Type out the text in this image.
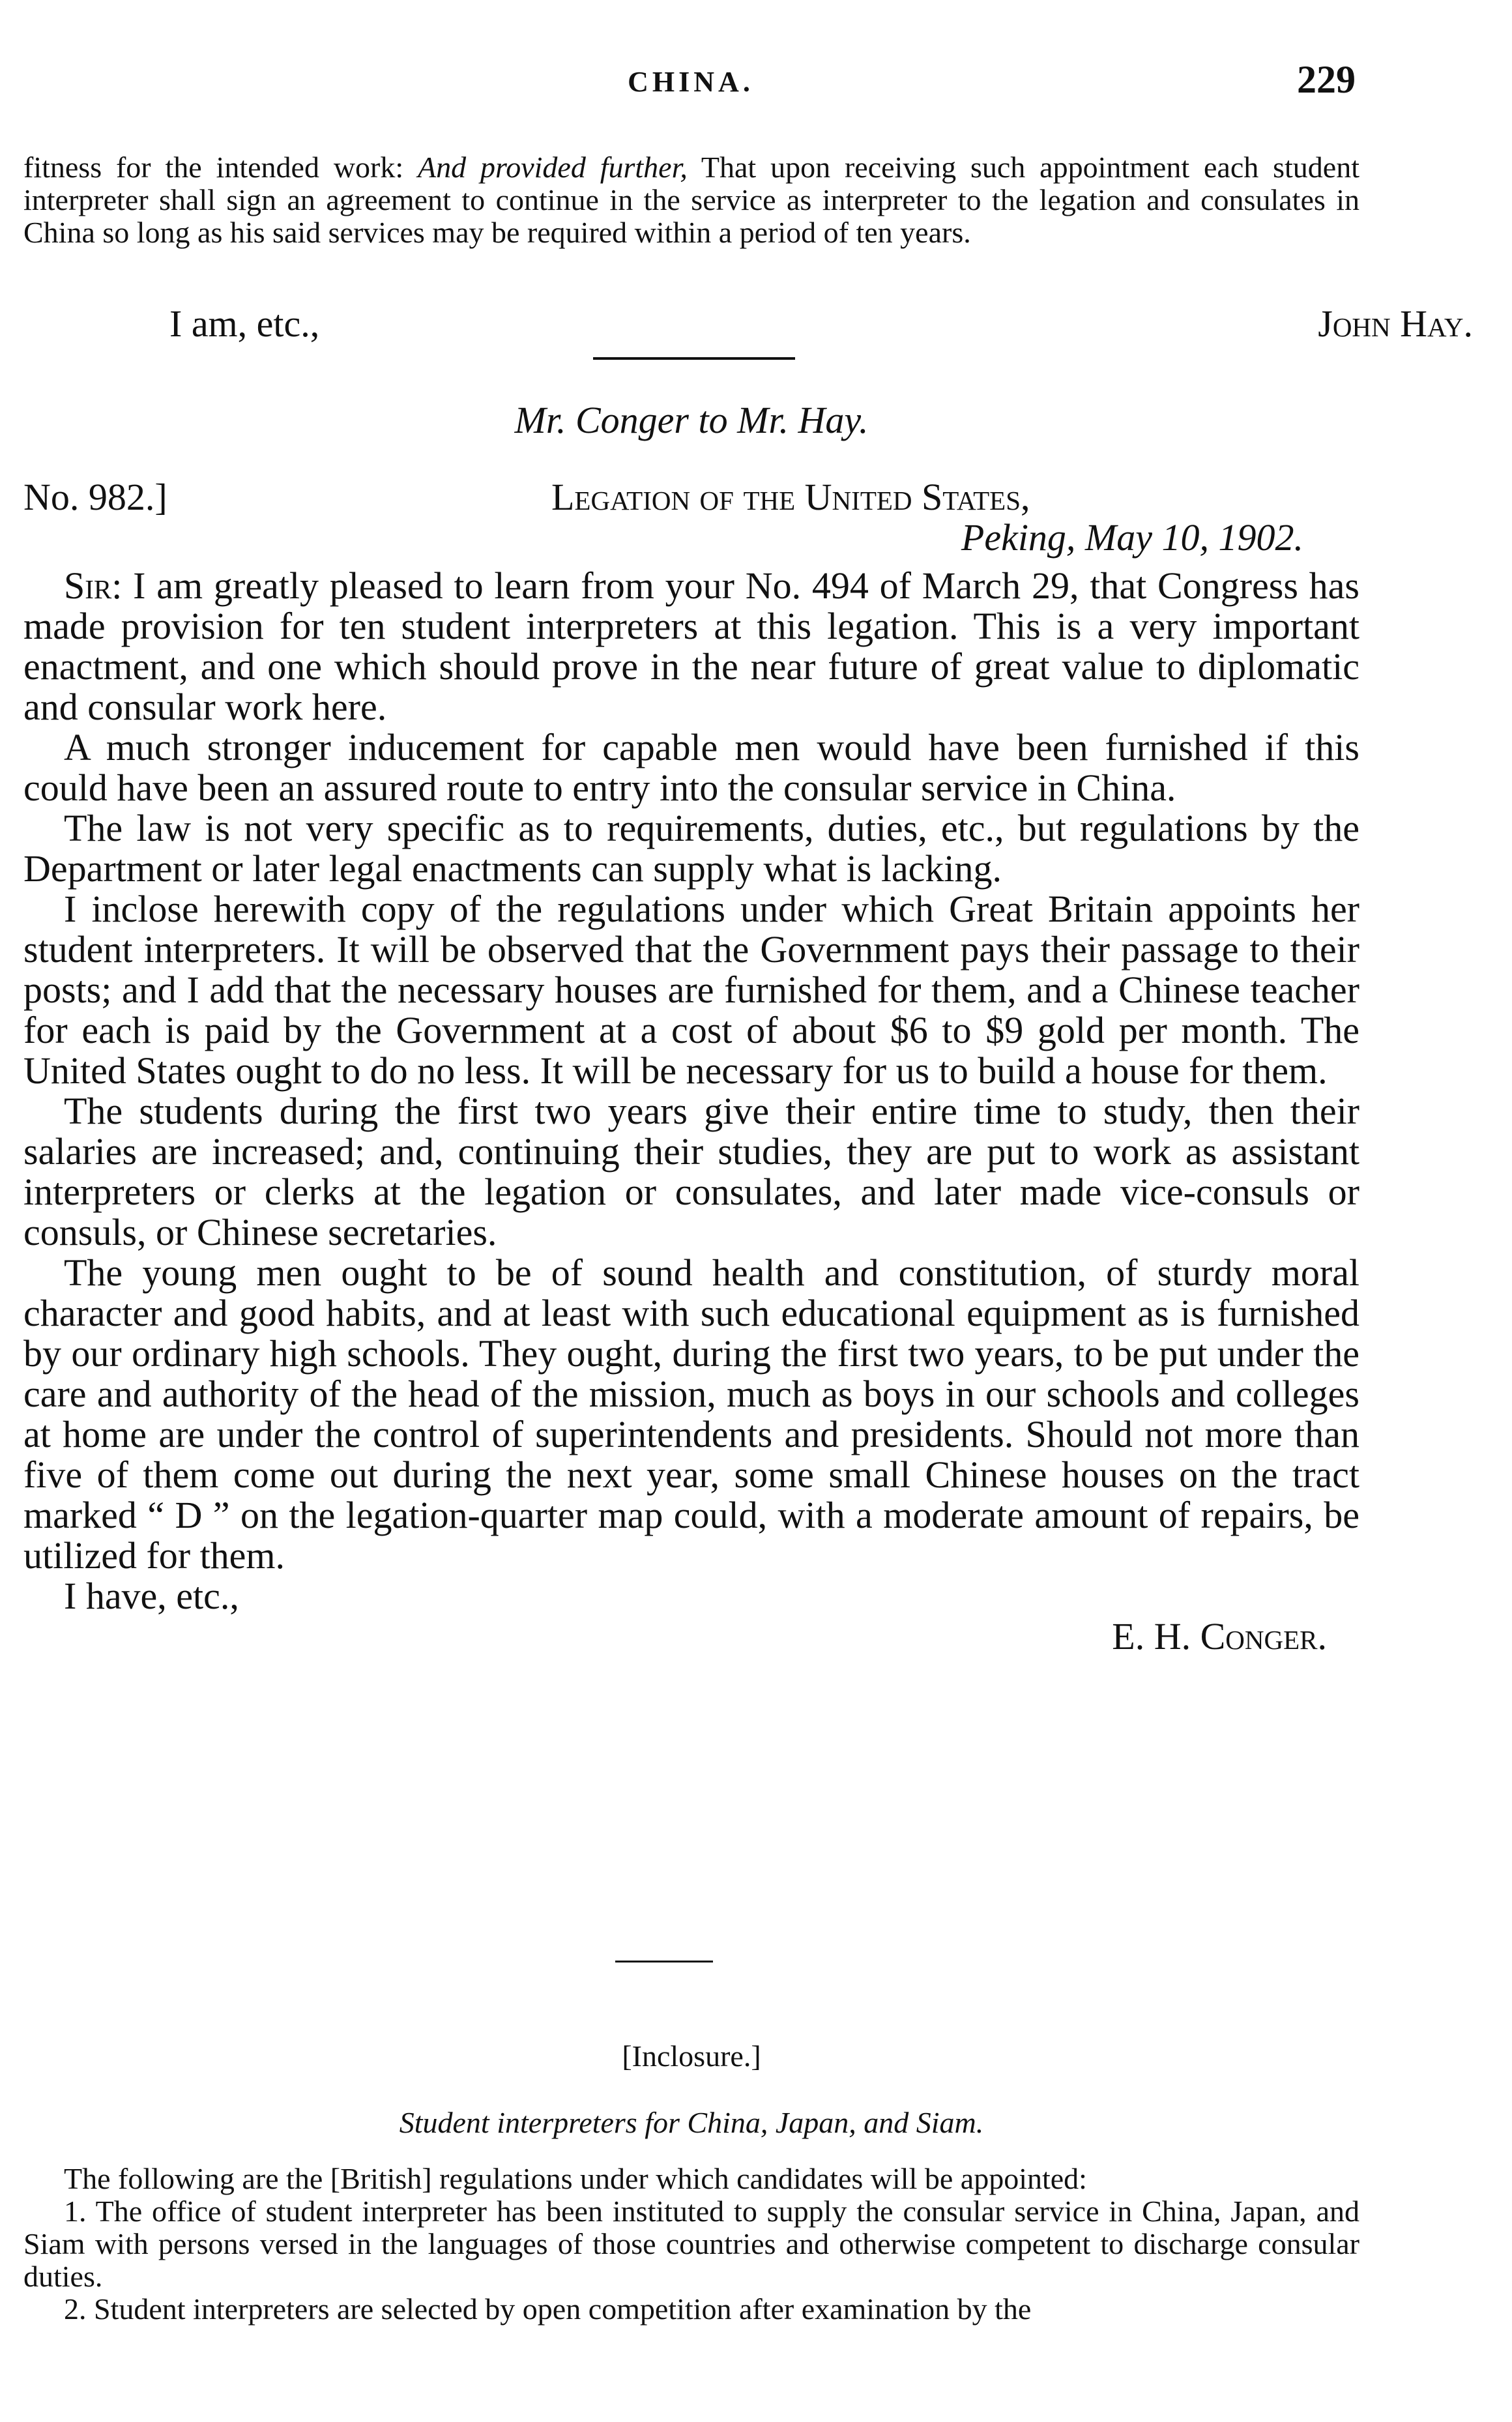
CHINA.	229

fitness for the intended work: And provided further, That upon receiving such appointment each student interpreter shall sign an agreement to continue in the service as interpreter to the legation and consulates in China so long as his said services may be required within a period of ten years.

I am, etc.,	John Hay.
Mr. Conger to Mr. Hay.
No. 982.]	Legation of the United States,
Peking, May 10, 1902.

Sir: I am greatly pleased to learn from your No. 494 of March 29, that Congress has made provision for ten student interpreters at this legation. This is a very important enactment, and one which should prove in the near future of great value to diplomatic and consular work here.

A much stronger inducement for capable men would have been furnished if this could have been an assured route to entry into the consular service in China.

The law is not very specific as to requirements, duties, etc., but regulations by the Department or later legal enactments can supply what is lacking.

I inclose herewith copy of the regulations under which Great Britain appoints her student interpreters. It will be observed that the Government pays their passage to their posts; and I add that the necessary houses are furnished for them, and a Chinese teacher for each is paid by the Government at a cost of about $6 to $9 gold per month. The United States ought to do no less. It will be necessary for us to build a house for them.

The students during the first two years give their entire time to study, then their salaries are increased; and, continuing their studies, they are put to work as assistant interpreters or clerks at the legation or consulates, and later made vice-consuls or consuls, or Chinese secretaries.

The young men ought to be of sound health and constitution, of sturdy moral character and good habits, and at least with such educational equipment as is furnished by our ordinary high schools. They ought, during the first two years, to be put under the care and authority of the head of the mission, much as boys in our schools and colleges at home are under the control of superintendents and presidents. Should not more than five of them come out during the next year, some small Chinese houses on the tract marked “ D ” on the legation-quarter map could, with a moderate amount of repairs, be utilized for them.

I have, etc.,

E. H. Conger.

[Inclosure.]
Student interpreters for China, Japan, and Siam.

The following are the [British] regulations under which candidates will be appointed:

1. The office of student interpreter has been instituted to supply the consular service in China, Japan, and Siam with persons versed in the languages of those countries and otherwise competent to discharge consular duties.

2. Student interpreters are selected by open competition after examination by the
